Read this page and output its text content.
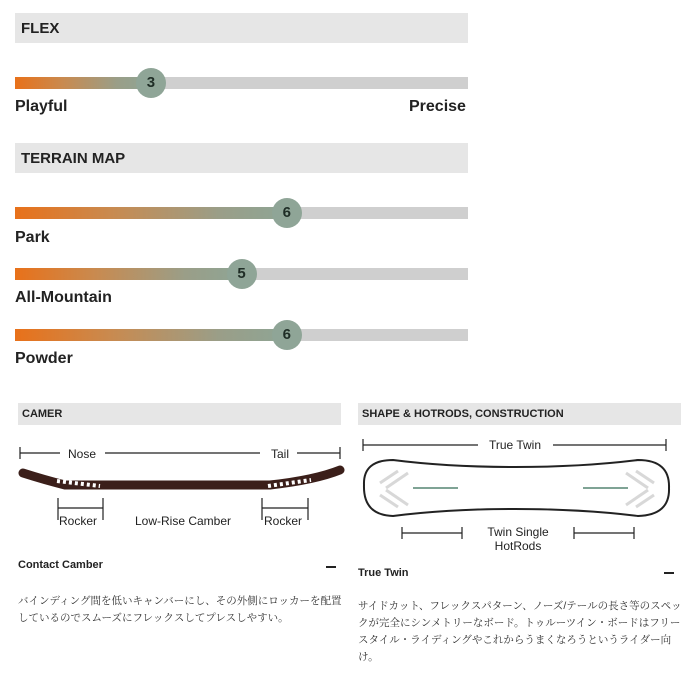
FLEX
3
Playful	Precise
TERRAIN MAP
6
Park
5
All-Mountain
6
Powder
CAMER
Nose	Tail
Rocker	Low-Rise Camber	Rocker
Contact Camber
バインディング間を低いキャンバーにし、その外側にロッカーを配置しているのでスムーズにフレックスしてプレスしやすい。
SHAPE & HOTRODS, CONSTRUCTION
True Twin
Twin Single
HotRods
True Twin
サイドカット、フレックスパターン、ノーズ/テールの長さ等のスペックが完全にシンメトリーなボード。トゥルーツイン・ボードはフリースタイル・ライディングやこれからうまくなろうというライダー向け。
